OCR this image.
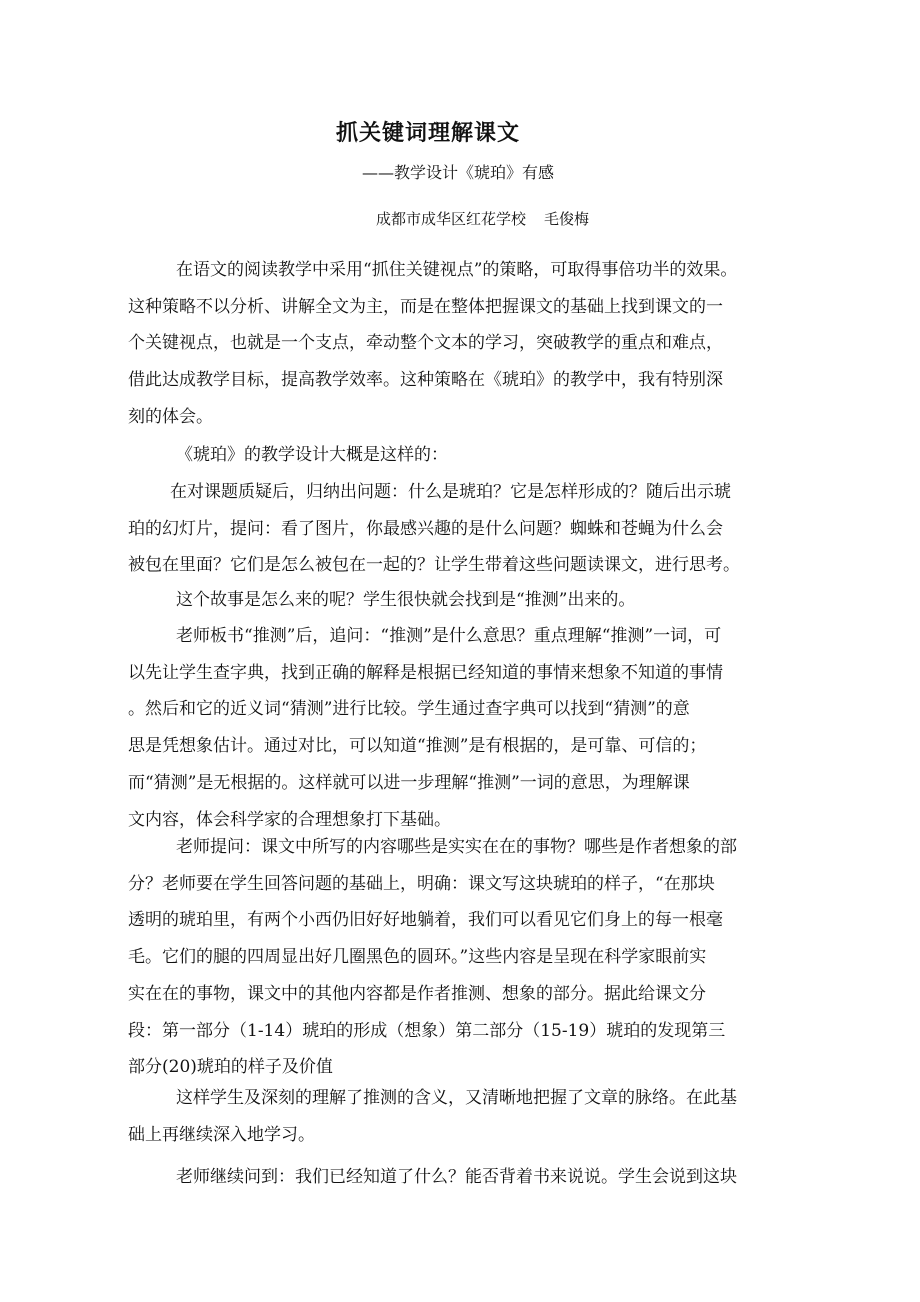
抓关键词理解课文
——教学设计《琥珀》有感
成都市成华区红花学校 毛俊梅
在语文的阅读教学中采用“抓住关键视点”的策略，可取得事倍功半的效果。
这种策略不以分析、讲解全文为主，而是在整体把握课文的基础上找到课文的一
个关键视点，也就是一个支点，牵动整个文本的学习，突破教学的重点和难点，
借此达成教学目标，提高教学效率。这种策略在《琥珀》的教学中，我有特别深
刻的体会。
《琥珀》的教学设计大概是这样的：
在对课题质疑后，归纳出问题：什么是琥珀？它是怎样形成的？随后出示琥
珀的幻灯片，提问：看了图片，你最感兴趣的是什么问题？蜘蛛和苍蝇为什么会
被包在里面？它们是怎么被包在一起的？让学生带着这些问题读课文，进行思考。
这个故事是怎么来的呢？学生很快就会找到是“推测”出来的。
老师板书“推测”后，追问：“推测”是什么意思？重点理解“推测”一词，可
以先让学生查字典，找到正确的解释是根据已经知道的事情来想象不知道的事情
。然后和它的近义词“猜测”进行比较。学生通过查字典可以找到“猜测”的意
思是凭想象估计。通过对比，可以知道“推测”是有根据的，是可靠、可信的；
而“猜测”是无根据的。这样就可以进一步理解“推测”一词的意思，为理解课
文内容，体会科学家的合理想象打下基础。
老师提问：课文中所写的内容哪些是实实在在的事物？哪些是作者想象的部
分？老师要在学生回答问题的基础上，明确：课文写这块琥珀的样子，“在那块
透明的琥珀里，有两个小西仍旧好好地躺着，我们可以看见它们身上的每一根毫
毛。它们的腿的四周显出好几圈黑色的圆环。”这些内容是呈现在科学家眼前实
实在在的事物，课文中的其他内容都是作者推测、想象的部分。据此给课文分
段：第一部分（1-14）琥珀的形成（想象）第二部分（15-19）琥珀的发现第三
部分(20)琥珀的样子及价值
这样学生及深刻的理解了推测的含义，又清晰地把握了文章的脉络。在此基
础上再继续深入地学习。
老师继续问到：我们已经知道了什么？能否背着书来说说。学生会说到这块
